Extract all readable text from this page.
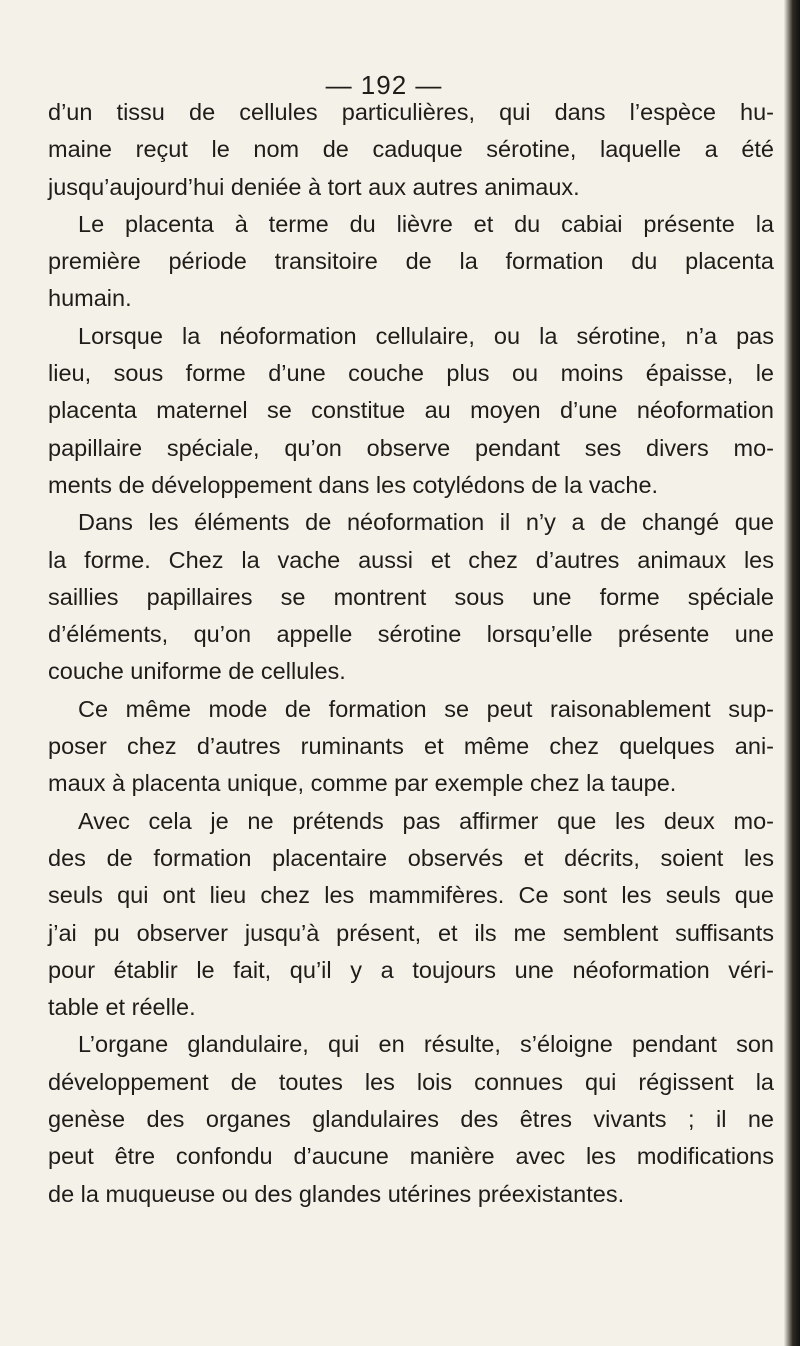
— 192 —
d’un tissu de cellules particulières, qui dans l’espèce hu-
maine reçut le nom de caduque sérotine, laquelle a été
jusqu’aujourd’hui deniée à tort aux autres animaux.
Le placenta à terme du lièvre et du cabiai présente la
première période transitoire de la formation du placenta
humain.
Lorsque la néoformation cellulaire, ou la sérotine, n’a pas
lieu, sous forme d’une couche plus ou moins épaisse, le
placenta maternel se constitue au moyen d’une néoformation
papillaire spéciale, qu’on observe pendant ses divers mo-
ments de développement dans les cotylédons de la vache.
Dans les éléments de néoformation il n’y a de changé que
la forme. Chez la vache aussi et chez d’autres animaux les
saillies papillaires se montrent sous une forme spéciale
d’éléments, qu’on appelle sérotine lorsqu’elle présente une
couche uniforme de cellules.
Ce même mode de formation se peut raisonablement sup-
poser chez d’autres ruminants et même chez quelques ani-
maux à placenta unique, comme par exemple chez la taupe.
Avec cela je ne prétends pas affirmer que les deux mo-
des de formation placentaire observés et décrits, soient les
seuls qui ont lieu chez les mammifères. Ce sont les seuls que
j’ai pu observer jusqu’à présent, et ils me semblent suffisants
pour établir le fait, qu’il y a toujours une néoformation véri-
table et réelle.
L’organe glandulaire, qui en résulte, s’éloigne pendant son
développement de toutes les lois connues qui régissent la
genèse des organes glandulaires des êtres vivants ; il ne
peut être confondu d’aucune manière avec les modifications
de la muqueuse ou des glandes utérines préexistantes.
